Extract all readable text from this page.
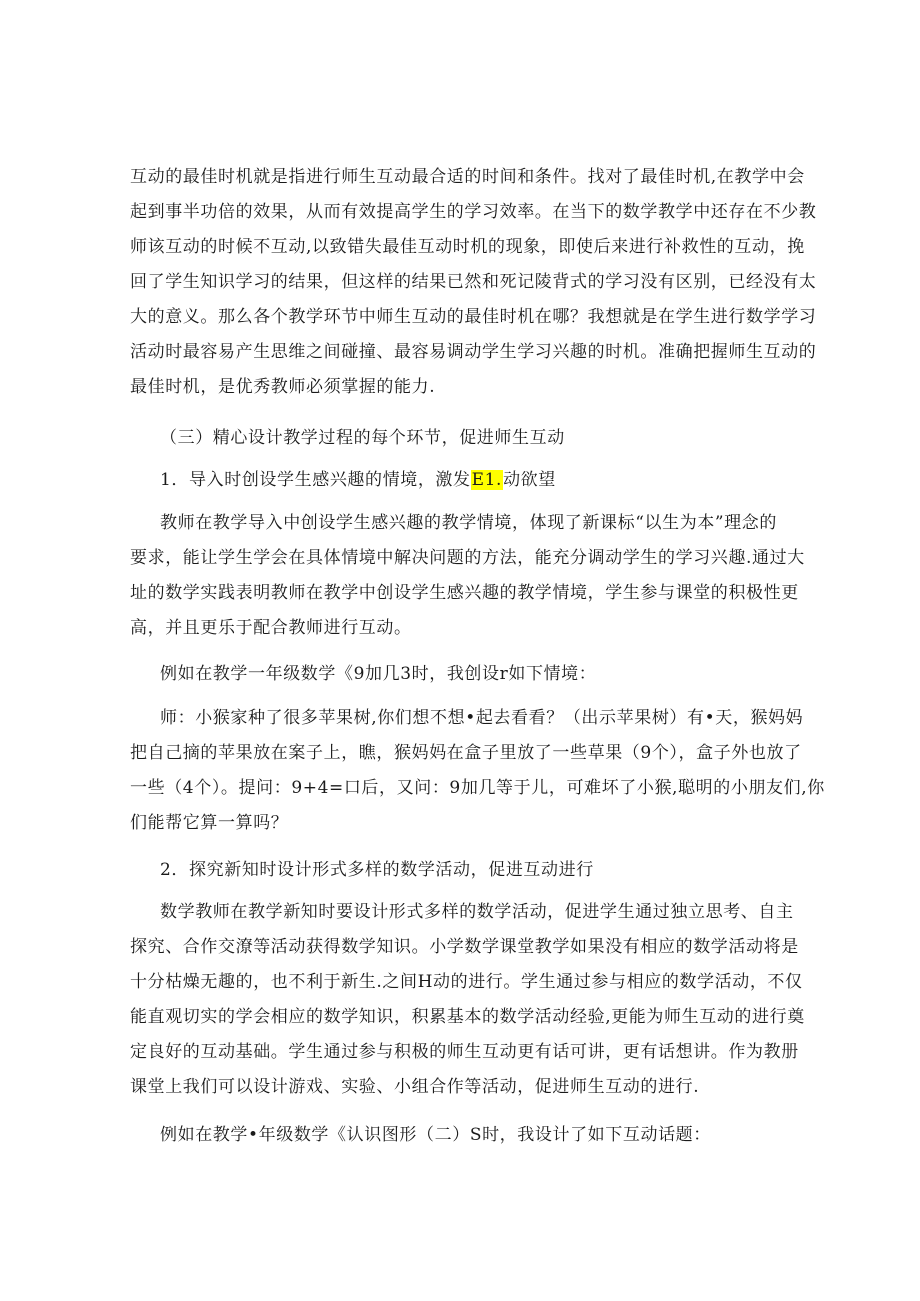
互动的最佳时机就是指进行师生互动最合适的时间和条件。找对了最佳时机,在教学中会
起到事半功倍的效果，从而有效提高学生的学习效率。在当下的数学教学中还存在不少教
师该互动的时候不互动,以致错失最佳互动时机的现象，即使后来进行补救性的互动，挽
回了学生知识学习的结果，但这样的结果已然和死记陵背式的学习没有区别，已经没有太
大的意义。那么各个教学环节中师生互动的最佳时机在哪？我想就是在学生进行数学学习
活动时最容易产生思维之间碰撞、最容易调动学生学习兴趣的时机。准确把握师生互动的
最佳时机，是优秀教师必须掌握的能力.
（三）精心设计教学过程的每个环节，促进师生互动
1．导入时创设学生感兴趣的情境，激发E1.动欲望
教师在教学导入中创设学生感兴趣的教学情境，体现了新课标“以生为本”理念的
要求，能让学生学会在具体情境中解决问题的方法，能充分调动学生的学习兴趣.通过大
址的数学实践表明教师在教学中创设学生感兴趣的教学情境，学生参与课堂的积极性更
高，并且更乐于配合教师进行互动。
例如在教学一年级数学《9加几3时，我创设r如下情境：
师：小猴家种了很多苹果树,你们想不想•起去看看？（出示苹果树）有•天，猴妈妈
把自己摘的苹果放在案子上，瞧，猴妈妈在盒子里放了一些草果（9个），盒子外也放了
一些（4个）。提问：9+4=口后，又问：9加几等于儿，可难坏了小猴,聪明的小朋友们,你
们能帮它算一算吗？
2．探究新知时设计形式多样的数学活动，促进互动进行
数学教师在教学新知时要设计形式多样的数学活动，促进学生通过独立思考、自主
探究、合作交潦等活动获得数学知识。小学数学课堂教学如果没有相应的数学活动将是
十分枯燥无趣的，也不利于新生.之间H动的进行。学生通过参与相应的数学活动，不仅
能直观切实的学会相应的数学知识，积累基本的数学活动经验,更能为师生互动的进行奠
定良好的互动基础。学生通过参与积极的师生互动更有话可讲，更有话想讲。作为教册
课堂上我们可以设计游戏、实验、小组合作等活动，促进师生互动的进行.
例如在教学•年级数学《认识图形（二）S时，我设计了如下互动话题：
